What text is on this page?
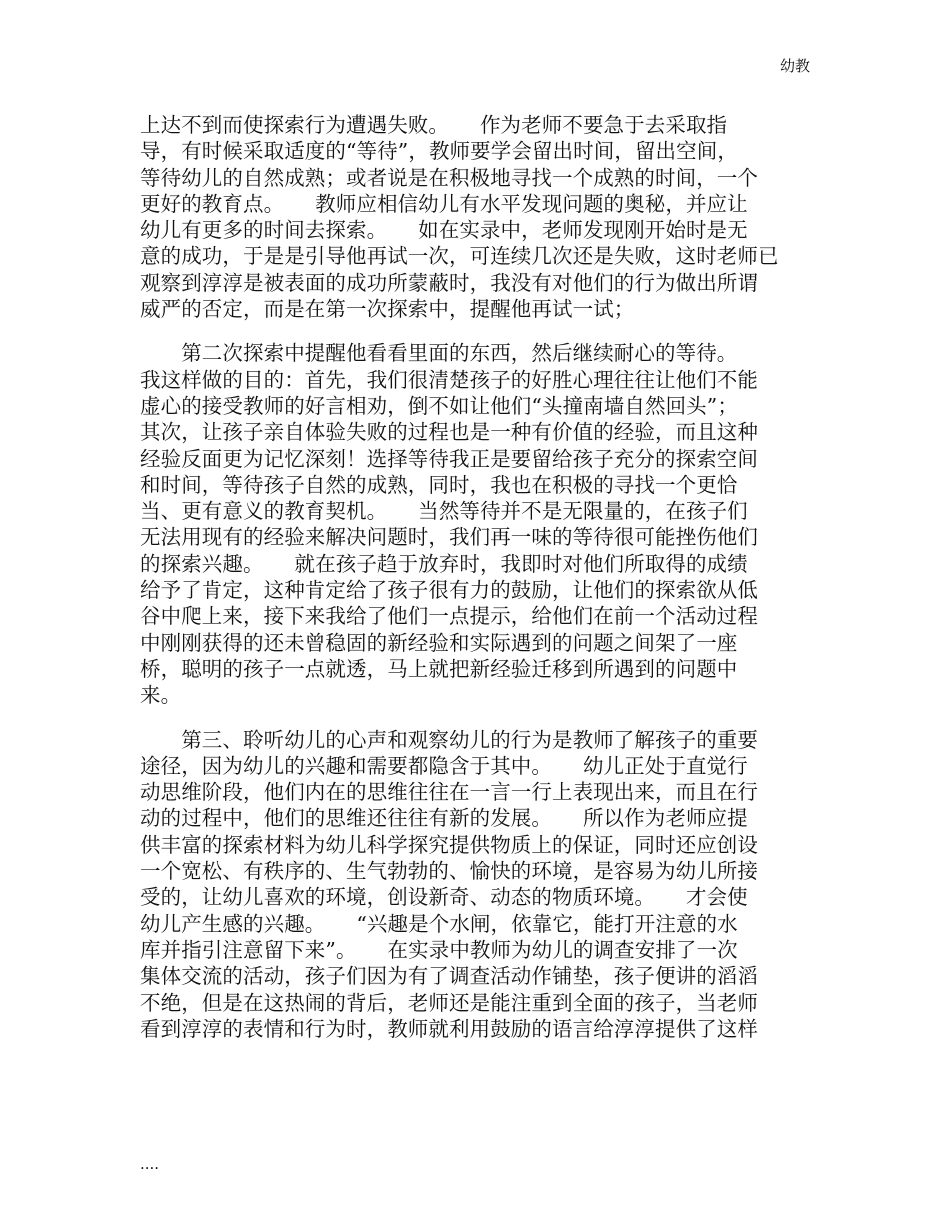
幼教
上达不到而使探索行为遭遇失败。　　作为老师不要急于去采取指
导，有时候采取适度的“等待”，教师要学会留出时间，留出空间，
等待幼儿的自然成熟；或者说是在积极地寻找一个成熟的时间，一个
更好的教育点。　　教师应相信幼儿有水平发现问题的奥秘，并应让
幼儿有更多的时间去探索。　　如在实录中，老师发现刚开始时是无
意的成功，于是是引导他再试一次，可连续几次还是失败，这时老师已
观察到淳淳是被表面的成功所蒙蔽时，我没有对他们的行为做出所谓
威严的否定，而是在第一次探索中，提醒他再试一试；
　　第二次探索中提醒他看看里面的东西，然后继续耐心的等待。
我这样做的目的：首先，我们很清楚孩子的好胜心理往往让他们不能
虚心的接受教师的好言相劝，倒不如让他们“头撞南墙自然回头”；
其次，让孩子亲自体验失败的过程也是一种有价值的经验，而且这种
经验反面更为记忆深刻！选择等待我正是要留给孩子充分的探索空间
和时间，等待孩子自然的成熟，同时，我也在积极的寻找一个更恰
当、更有意义的教育契机。　　当然等待并不是无限量的，在孩子们
无法用现有的经验来解决问题时，我们再一味的等待很可能挫伤他们
的探索兴趣。　　就在孩子趋于放弃时，我即时对他们所取得的成绩
给予了肯定，这种肯定给了孩子很有力的鼓励，让他们的探索欲从低
谷中爬上来，接下来我给了他们一点提示，给他们在前一个活动过程
中刚刚获得的还未曾稳固的新经验和实际遇到的问题之间架了一座
桥，聪明的孩子一点就透，马上就把新经验迁移到所遇到的问题中
来。
　　第三、聆听幼儿的心声和观察幼儿的行为是教师了解孩子的重要
途径，因为幼儿的兴趣和需要都隐含于其中。　　幼儿正处于直觉行
动思维阶段，他们内在的思维往往在一言一行上表现出来，而且在行
动的过程中，他们的思维还往往有新的发展。　　所以作为老师应提
供丰富的探索材料为幼儿科学探究提供物质上的保证，同时还应创设
一个宽松、有秩序的、生气勃勃的、愉快的环境，是容易为幼儿所接
受的，让幼儿喜欢的环境，创设新奇、动态的物质环境。　　才会使
幼儿产生感的兴趣。　　“兴趣是个水闸，依靠它，能打开注意的水
库并指引注意留下来”。　　在实录中教师为幼儿的调查安排了一次
集体交流的活动，孩子们因为有了调查活动作铺垫，孩子便讲的滔滔
不绝，但是在这热闹的背后，老师还是能注重到全面的孩子，当老师
看到淳淳的表情和行为时，教师就利用鼓励的语言给淳淳提供了这样
....
